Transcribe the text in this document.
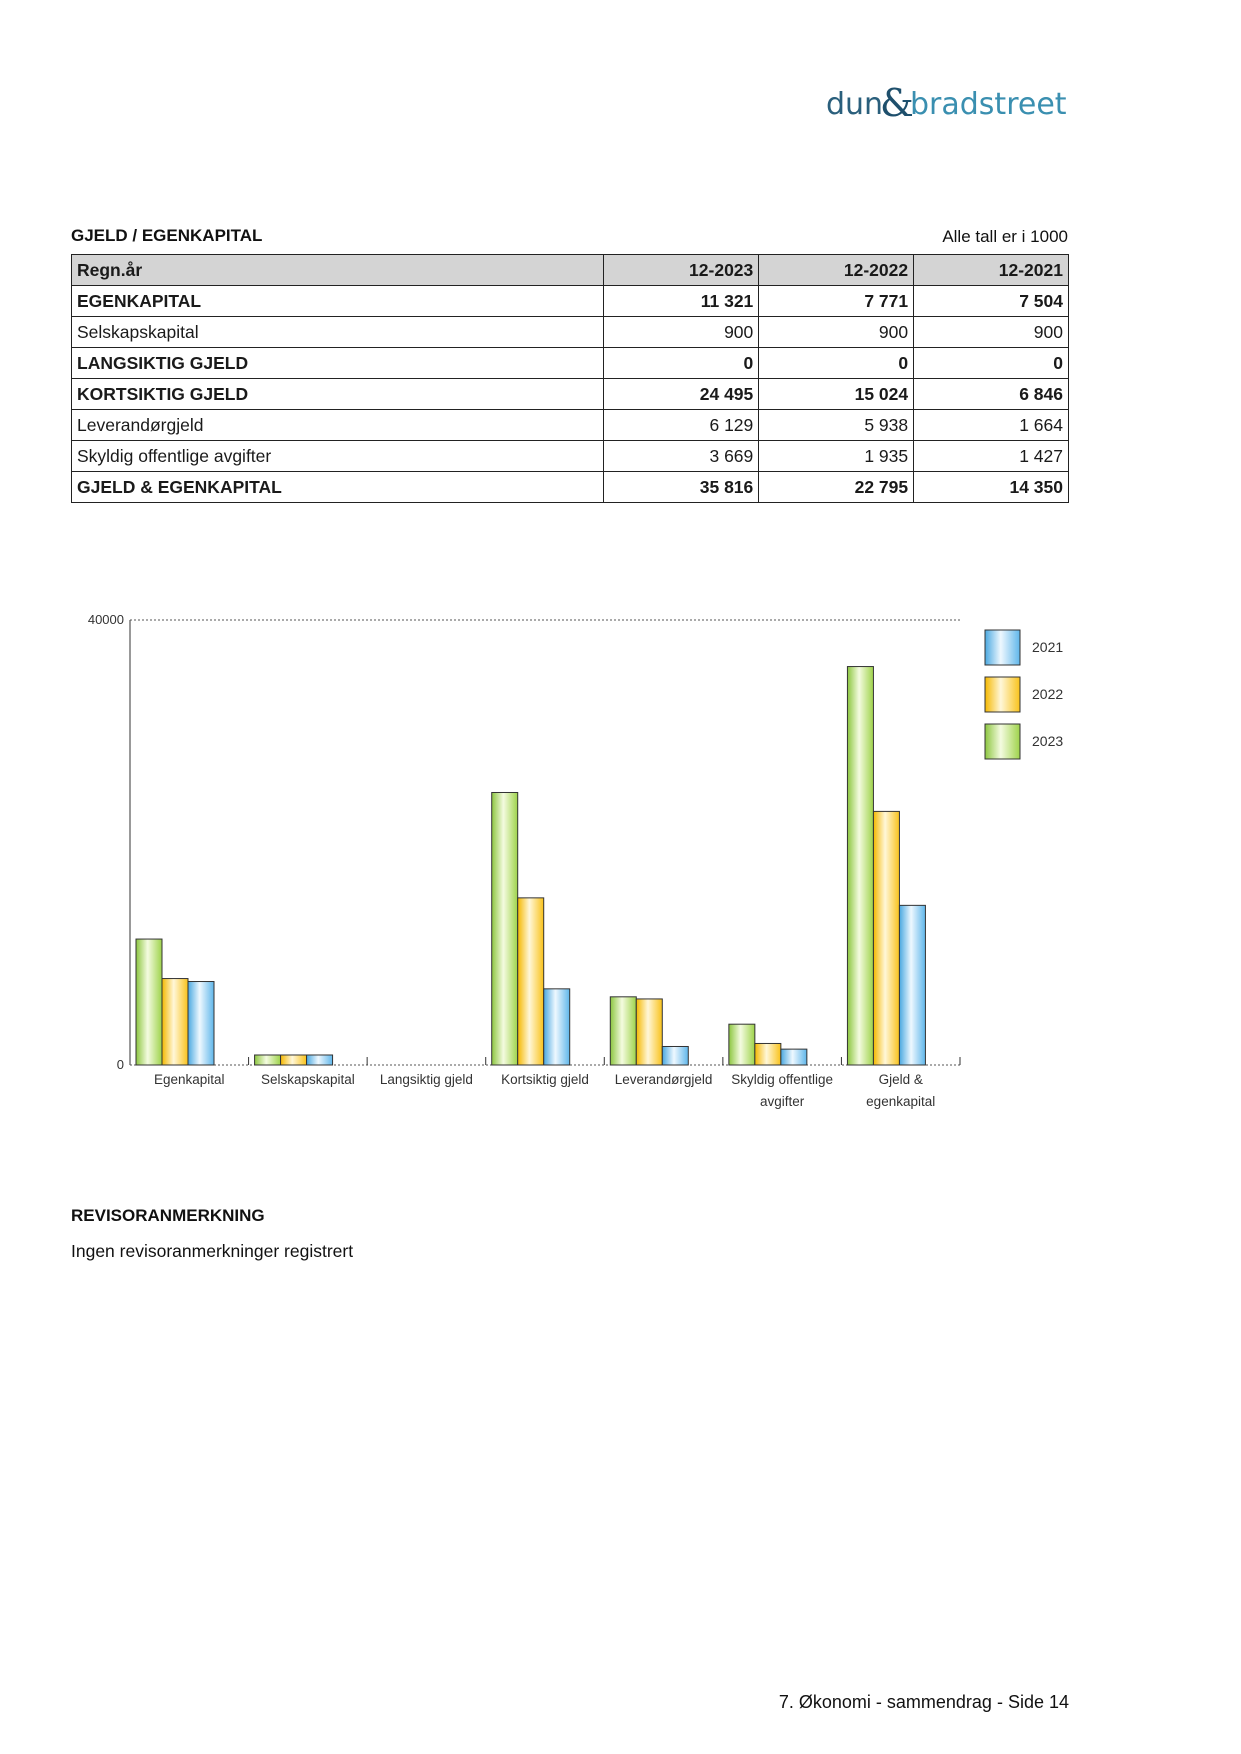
dun
&
bradstreet
GJELD / EGENKAPITAL	Alle tall er i 1000
Regn.år	12-2023	12-2022	12-2021
EGENKAPITAL	11 321	7 771	7 504
Selskapskapital	900	900	900
LANGSIKTIG GJELD	0	0	0
KORTSIKTIG GJELD	24 495	15 024	6 846
Leverandørgjeld	6 129	5 938	1 664
Skyldig offentlige avgifter	3 669	1 935	1 427
GJELD & EGENKAPITAL	35 816	22 795	14 350
0
40000
Egenkapital	Selskapskapital Langsiktig gjeld Kortsiktig gjeld Leverandørgjeld Skyldig offentlige
avgifter
Gjeld &
egenkapital
2021
2022
2023
REVISORANMERKNING
Ingen revisoranmerkninger registrert
7. Økonomi - sammendrag - Side 14
